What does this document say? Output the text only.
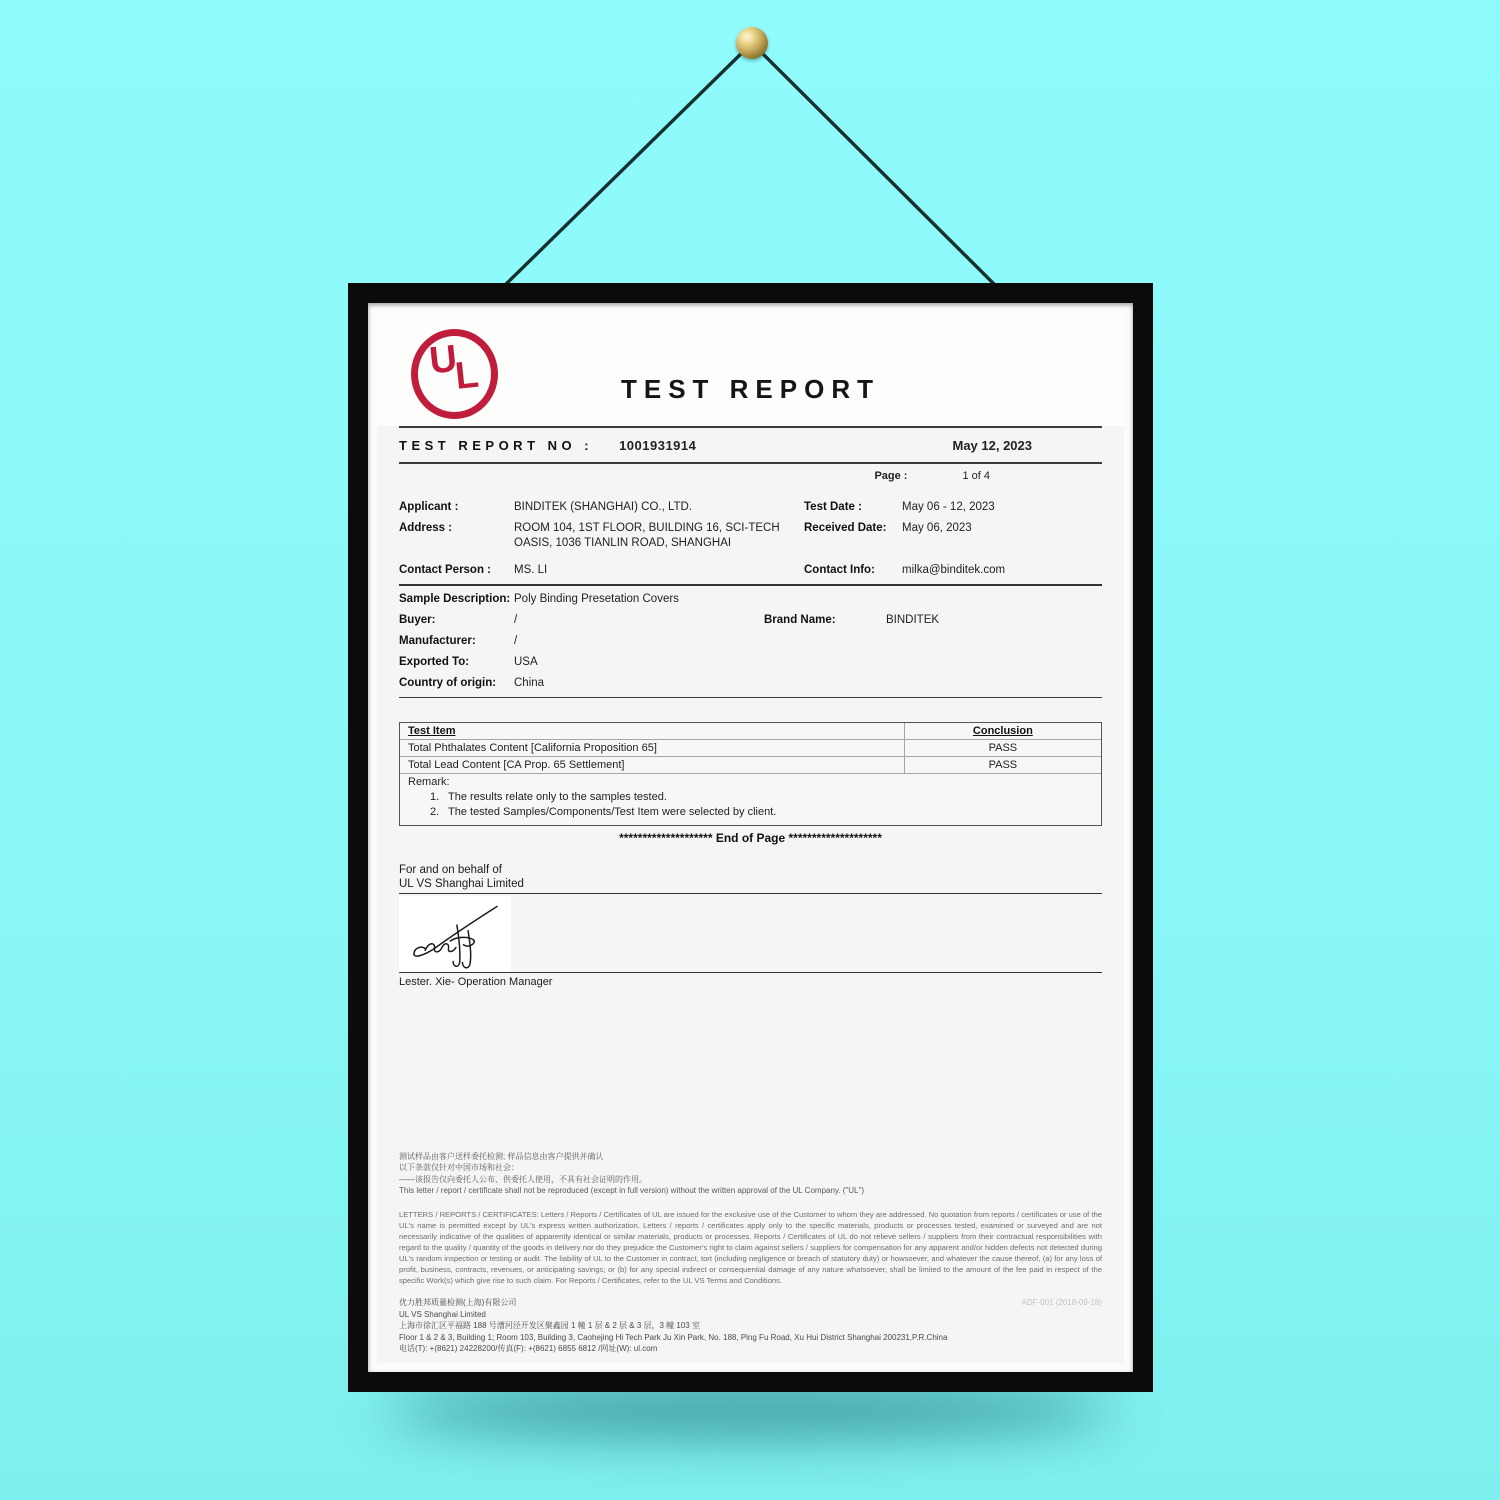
U
L	TEST REPORT
TEST REPORT NO : 1001931914	May 12, 2023
Page :	1 of 4
Applicant :	BINDITEK (SHANGHAI) CO., LTD.	Test Date :	May 06 - 12, 2023
Address :	ROOM 104, 1ST FLOOR, BUILDING 16, SCI-TECH OASIS, 1036 TIANLIN ROAD, SHANGHAI
Received Date:	May 06, 2023
Contact Person :	MS. LI	Contact Info:	milka@binditek.com
Sample Description: Poly Binding Presetation Covers
Buyer:	/	Brand Name:	BINDITEK
Manufacturer:	/
Exported To:	USA
Country of origin:	China
Test Item	Conclusion
Total Phthalates Content [California Proposition 65]	PASS
Total Lead Content [CA Prop. 65 Settlement]	PASS
Remark:
1. The results relate only to the samples tested.
2. The tested Samples/Components/Test Item were selected by client.
******************** End of Page ********************
For and on behalf of
UL VS Shanghai Limited
Lester. Xie- Operation Manager
测试样品由客户送样委托检测; 样品信息由客户提供并确认
以下条款仅针对中国市场和社会：
——该报告仅向委托人公布、供委托人使用，不具有社会证明的作用。
This letter / report / certificate shall not be reproduced (except in full version) without the written approval of the UL Company. ("UL")
LETTERS / REPORTS / CERTIFICATES: Letters / Reports / Certificates of UL are issued for the exclusive use of the Customer to whom they are addressed. No quotation from reports / certificates or use of the UL's name is permitted except by UL's express written authorization. Letters / reports / certificates apply only to the specific materials, products or processes tested, examined or surveyed and are not necessarily indicative of the qualities of apparently identical or similar materials, products or processes. Reports / Certificates of UL do not relieve sellers / suppliers from their contractual responsibilities with regard to the quality / quantity of the goods in delivery nor do they prejudice the Customer's right to claim against sellers / suppliers for compensation for any apparent and/or hidden defects not detected during UL's random inspection or testing or audit. The liability of UL to the Customer in contract, tort (including negligence or breach of statutory duty) or howsoever, and whatever the cause thereof, (a) for any loss of profit, business, contracts, revenues, or anticipating savings; or (b) for any special indirect or consequential damage of any nature whatsoever, shall be limited to the amount of the fee paid in respect of the specific Work(s) which give rise to such claim. For Reports / Certificates, refer to the UL VS Terms and Conditions.
优力胜邦质量检测(上海)有限公司	ADF-001 (2018-09-18)
UL VS Shanghai Limited
上海市徐汇区平福路 188 号漕河泾开发区聚鑫园 1 幢 1 层 & 2 层 & 3 层，3 幢 103 室
Floor 1 & 2 & 3, Building 1; Room 103, Building 3, Caohejing Hi Tech Park Ju Xin Park, No. 188, Ping Fu Road, Xu Hui District Shanghai 200231,P.R.China
电话(T): +(8621) 24228200/传真(F): +(8621) 6855 6812 /网址(W): ul.com
